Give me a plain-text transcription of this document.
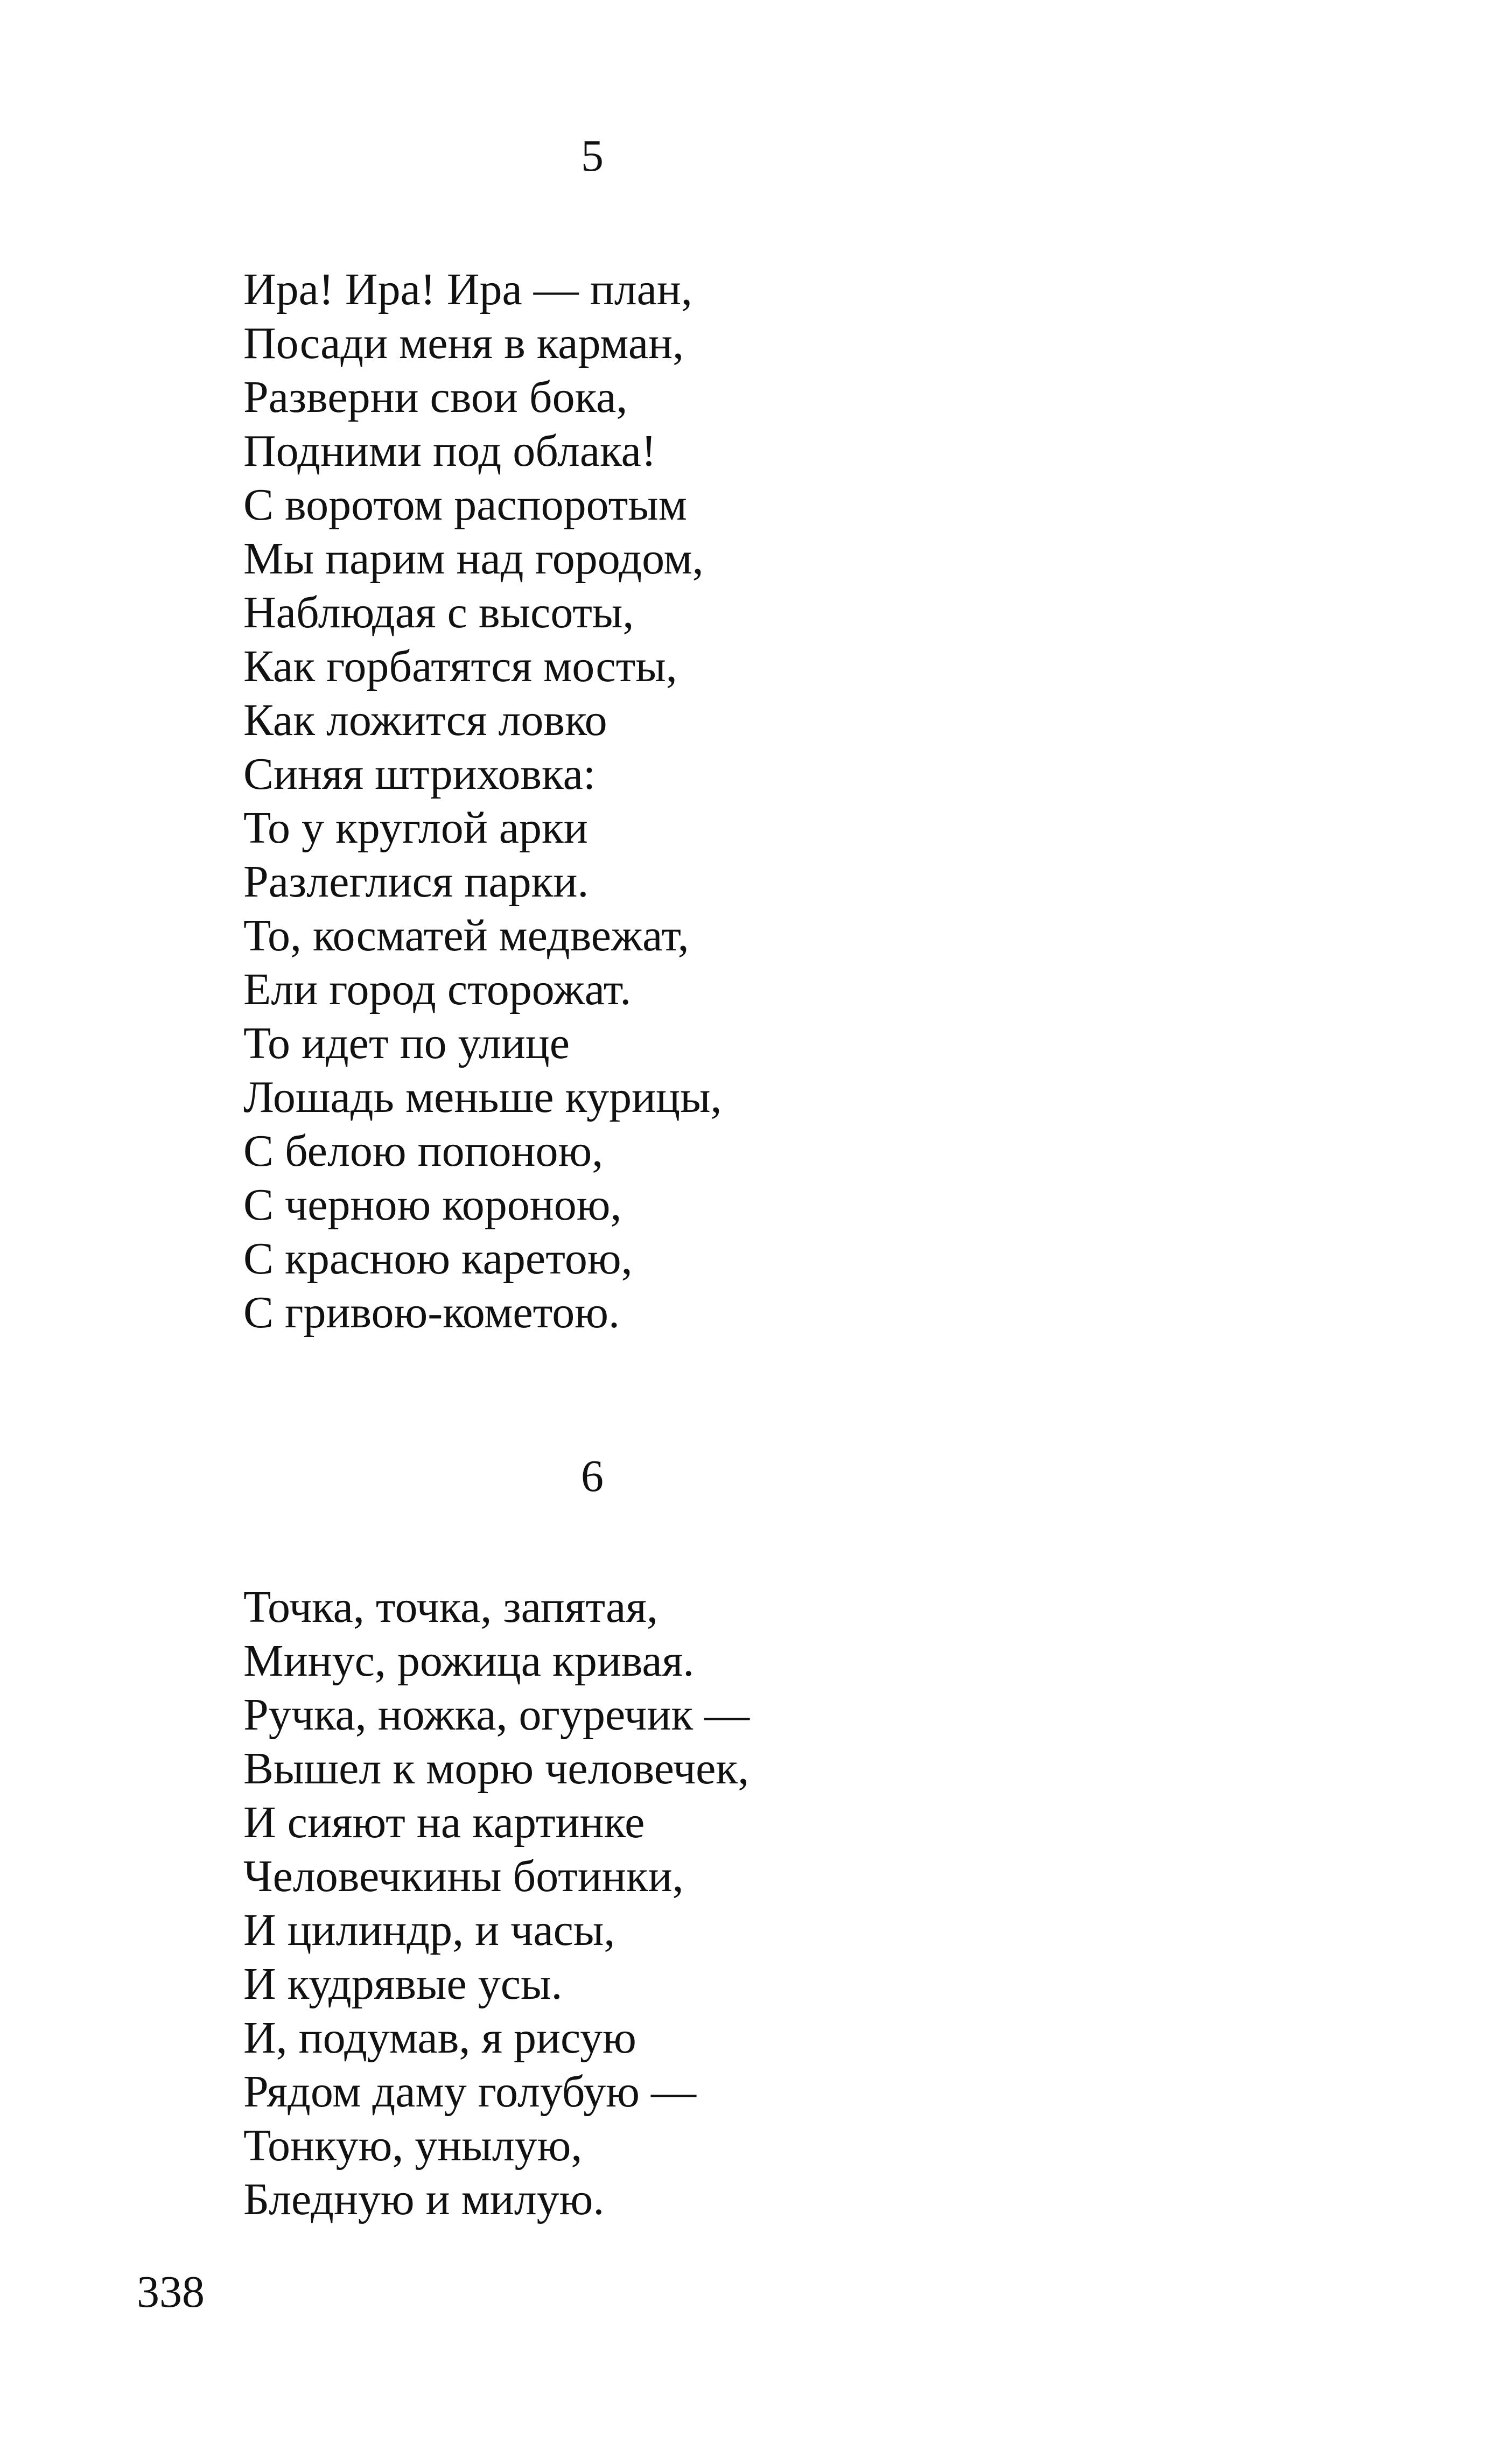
5
Ира! Ира! Ира — план,
Посади меня в карман,
Разверни свои бока,
Подними под облака!
С воротом распоротым
Мы парим над городом,
Наблюдая с высоты,
Как горбатятся мосты,
Как ложится ловко
Синяя штриховка:
То у круглой арки
Разлеглися парки.
То, косматей медвежат,
Ели город сторожат.
То идет по улице
Лошадь меньше курицы,
С белою попоною,
С черною короною,
С красною каретою,
С гривою-кометою.
6
Точка, точка, запятая,
Минус, рожица кривая.
Ручка, ножка, огуречик —
Вышел к морю человечек,
И сияют на картинке
Человечкины ботинки,
И цилиндр, и часы,
И кудрявые усы.
И, подумав, я рисую
Рядом даму голубую —
Тонкую, унылую,
Бледную и милую.
338
